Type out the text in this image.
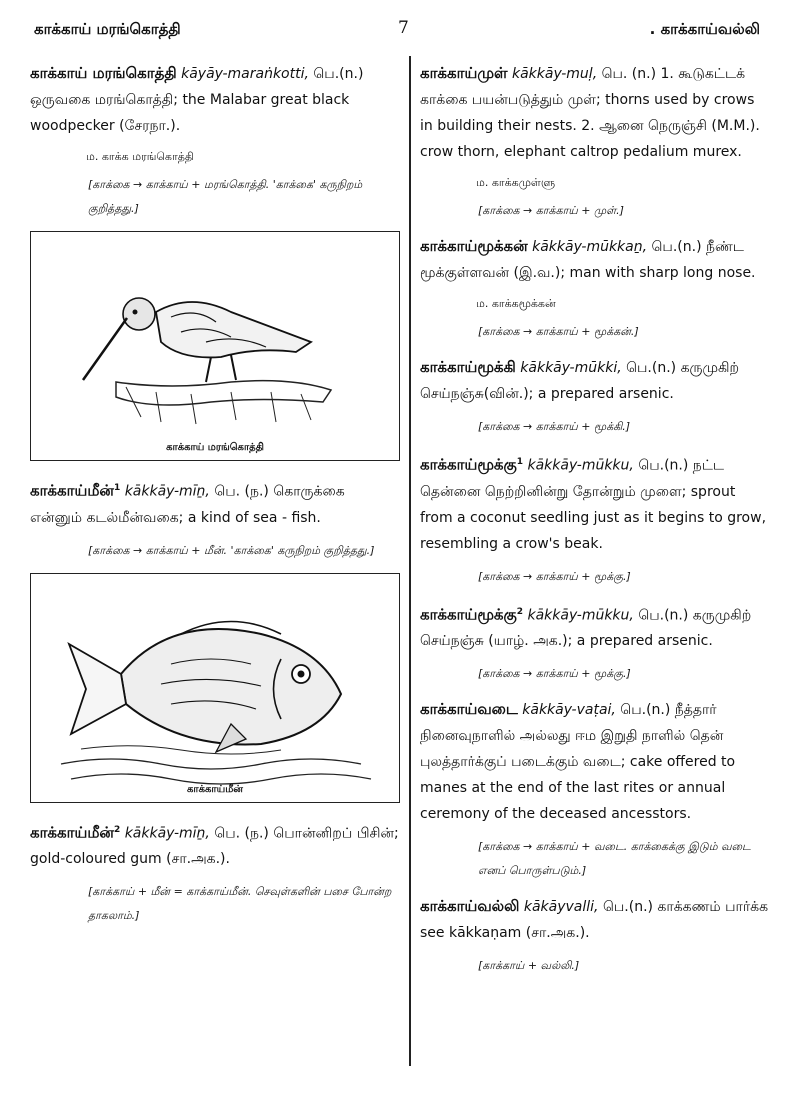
காக்காய் மரங்கொத்தி	7	. காக்காய்வல்லி

காக்காய் மரங்கொத்தி kāyāy-maraṅkotti, பெ.(n.) ஒருவகை மரங்கொத்தி; the Malabar great black woodpecker (சேரநா.).

ம. காக்க மரங்கொத்தி
[காக்கை → காக்காய் + மரங்கொத்தி. 'காக்கை' கருநிறம் குறித்தது.]
காக்காய் மரங்கொத்தி

காக்காய்மீன்$^1$ kākkāy-mīṉ, பெ. (ந.) கொருக்கை என்னும் கடல்மீன்வகை; a kind of sea - fish.

[காக்கை → காக்காய் + மீன். 'காக்கை' கருநிறம் குறித்தது.]
காக்காய்மீன்

காக்காய்மீன்$^2$ kākkāy-mīṉ, பெ. (ந.) பொன்னிறப் பிசின்; gold-coloured gum (சா.அக.).

[காக்காய் + மீன் = காக்காய்மீன். செவுள்களின் பசை போன்ற தாகலாம்.]

காக்காய்முள் kākkāy-muḷ, பெ. (n.) 1. கூடுகட்டக் காக்கை பயன்படுத்தும் முள்; thorns used by crows in building their nests. 2. ஆனை நெருஞ்சி (M.M.). crow thorn, elephant caltrop pedalium murex.

ம. காக்கமுள்ளு
[காக்கை → காக்காய் + முள்.]

காக்காய்மூக்கன் kākkāy-mūkkaṉ, பெ.(n.) நீண்ட மூக்குள்ளவன் (இ.வ.); man with sharp long nose.

ம. காக்கமூக்கன்
[காக்கை → காக்காய் + மூக்கன்.]

காக்காய்மூக்கி kākkāy-mūkki, பெ.(n.) கருமுகிற் செய்நஞ்சு(வின்.); a prepared arsenic.

[காக்கை → காக்காய் + மூக்கி.]

காக்காய்மூக்கு$^1$ kākkāy-mūkku, பெ.(n.) நட்ட தென்னை நெற்றினின்று தோன்றும் முளை; sprout from a coconut seedling just as it begins to grow, resembling a crow's beak.

[காக்கை → காக்காய் + மூக்கு.]

காக்காய்மூக்கு$^2$ kākkāy-mūkku, பெ.(n.) கருமுகிற் செய்நஞ்சு (யாழ். அக.); a prepared arsenic.

[காக்கை → காக்காய் + மூக்கு.]

காக்காய்வடை kākkāy-vaṭai, பெ.(n.) நீத்தார் நினைவுநாளில் அல்லது ஈம இறுதி நாளில் தென் புலத்தார்க்குப் படைக்கும் வடை; cake offered to manes at the end of the last rites or annual ceremony of the deceased ancesstors.

[காக்கை → காக்காய் + வடை. காக்கைக்கு இடும் வடை எனப் பொருள்படும்.]

காக்காய்வல்லி kākāyvalli, பெ.(n.) காக்கணம் பார்க்க see kākkaṇam (சா.அக.).

[காக்காய் + வல்லி.]
